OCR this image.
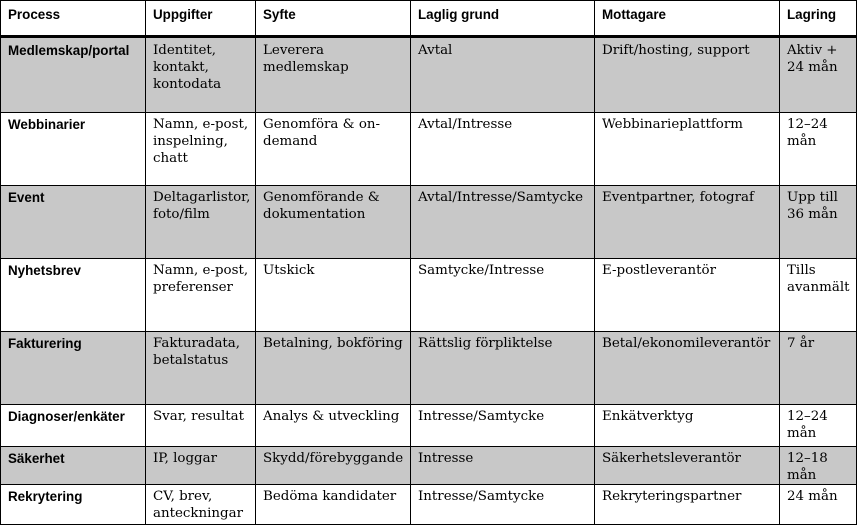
Process	Uppgifter	Syfte	Laglig grund	Mottagare	Lagring
Medlemskap/portal	Identitet, kontakt, kontodata	Leverera medlemskap	Avtal	Drift/hosting, support	Aktiv + 24 mån
Webbinarier	Namn, e-post, inspelning, chatt	Genomföra & on-demand	Avtal/Intresse	Webbinarieplattform	12–24 mån
Event	Deltagarlistor, foto/film	Genomförande & dokumentation	Avtal/Intresse/Samtycke	Eventpartner, fotograf	Upp till 36 mån
Nyhetsbrev	Namn, e-post, preferenser	Utskick	Samtycke/Intresse	E-postleverantör	Tills avanmält
Fakturering	Fakturadata, betalstatus	Betalning, bokföring	Rättslig förpliktelse	Betal/ekonomileverantör	7 år
Diagnoser/enkäter	Svar, resultat	Analys & utveckling	Intresse/Samtycke	Enkätverktyg	12–24 mån
Säkerhet	IP, loggar	Skydd/förebyggande	Intresse	Säkerhetsleverantör	12–18 mån
Rekrytering	CV, brev, anteckningar	Bedöma kandidater	Intresse/Samtycke	Rekryteringspartner	24 mån
